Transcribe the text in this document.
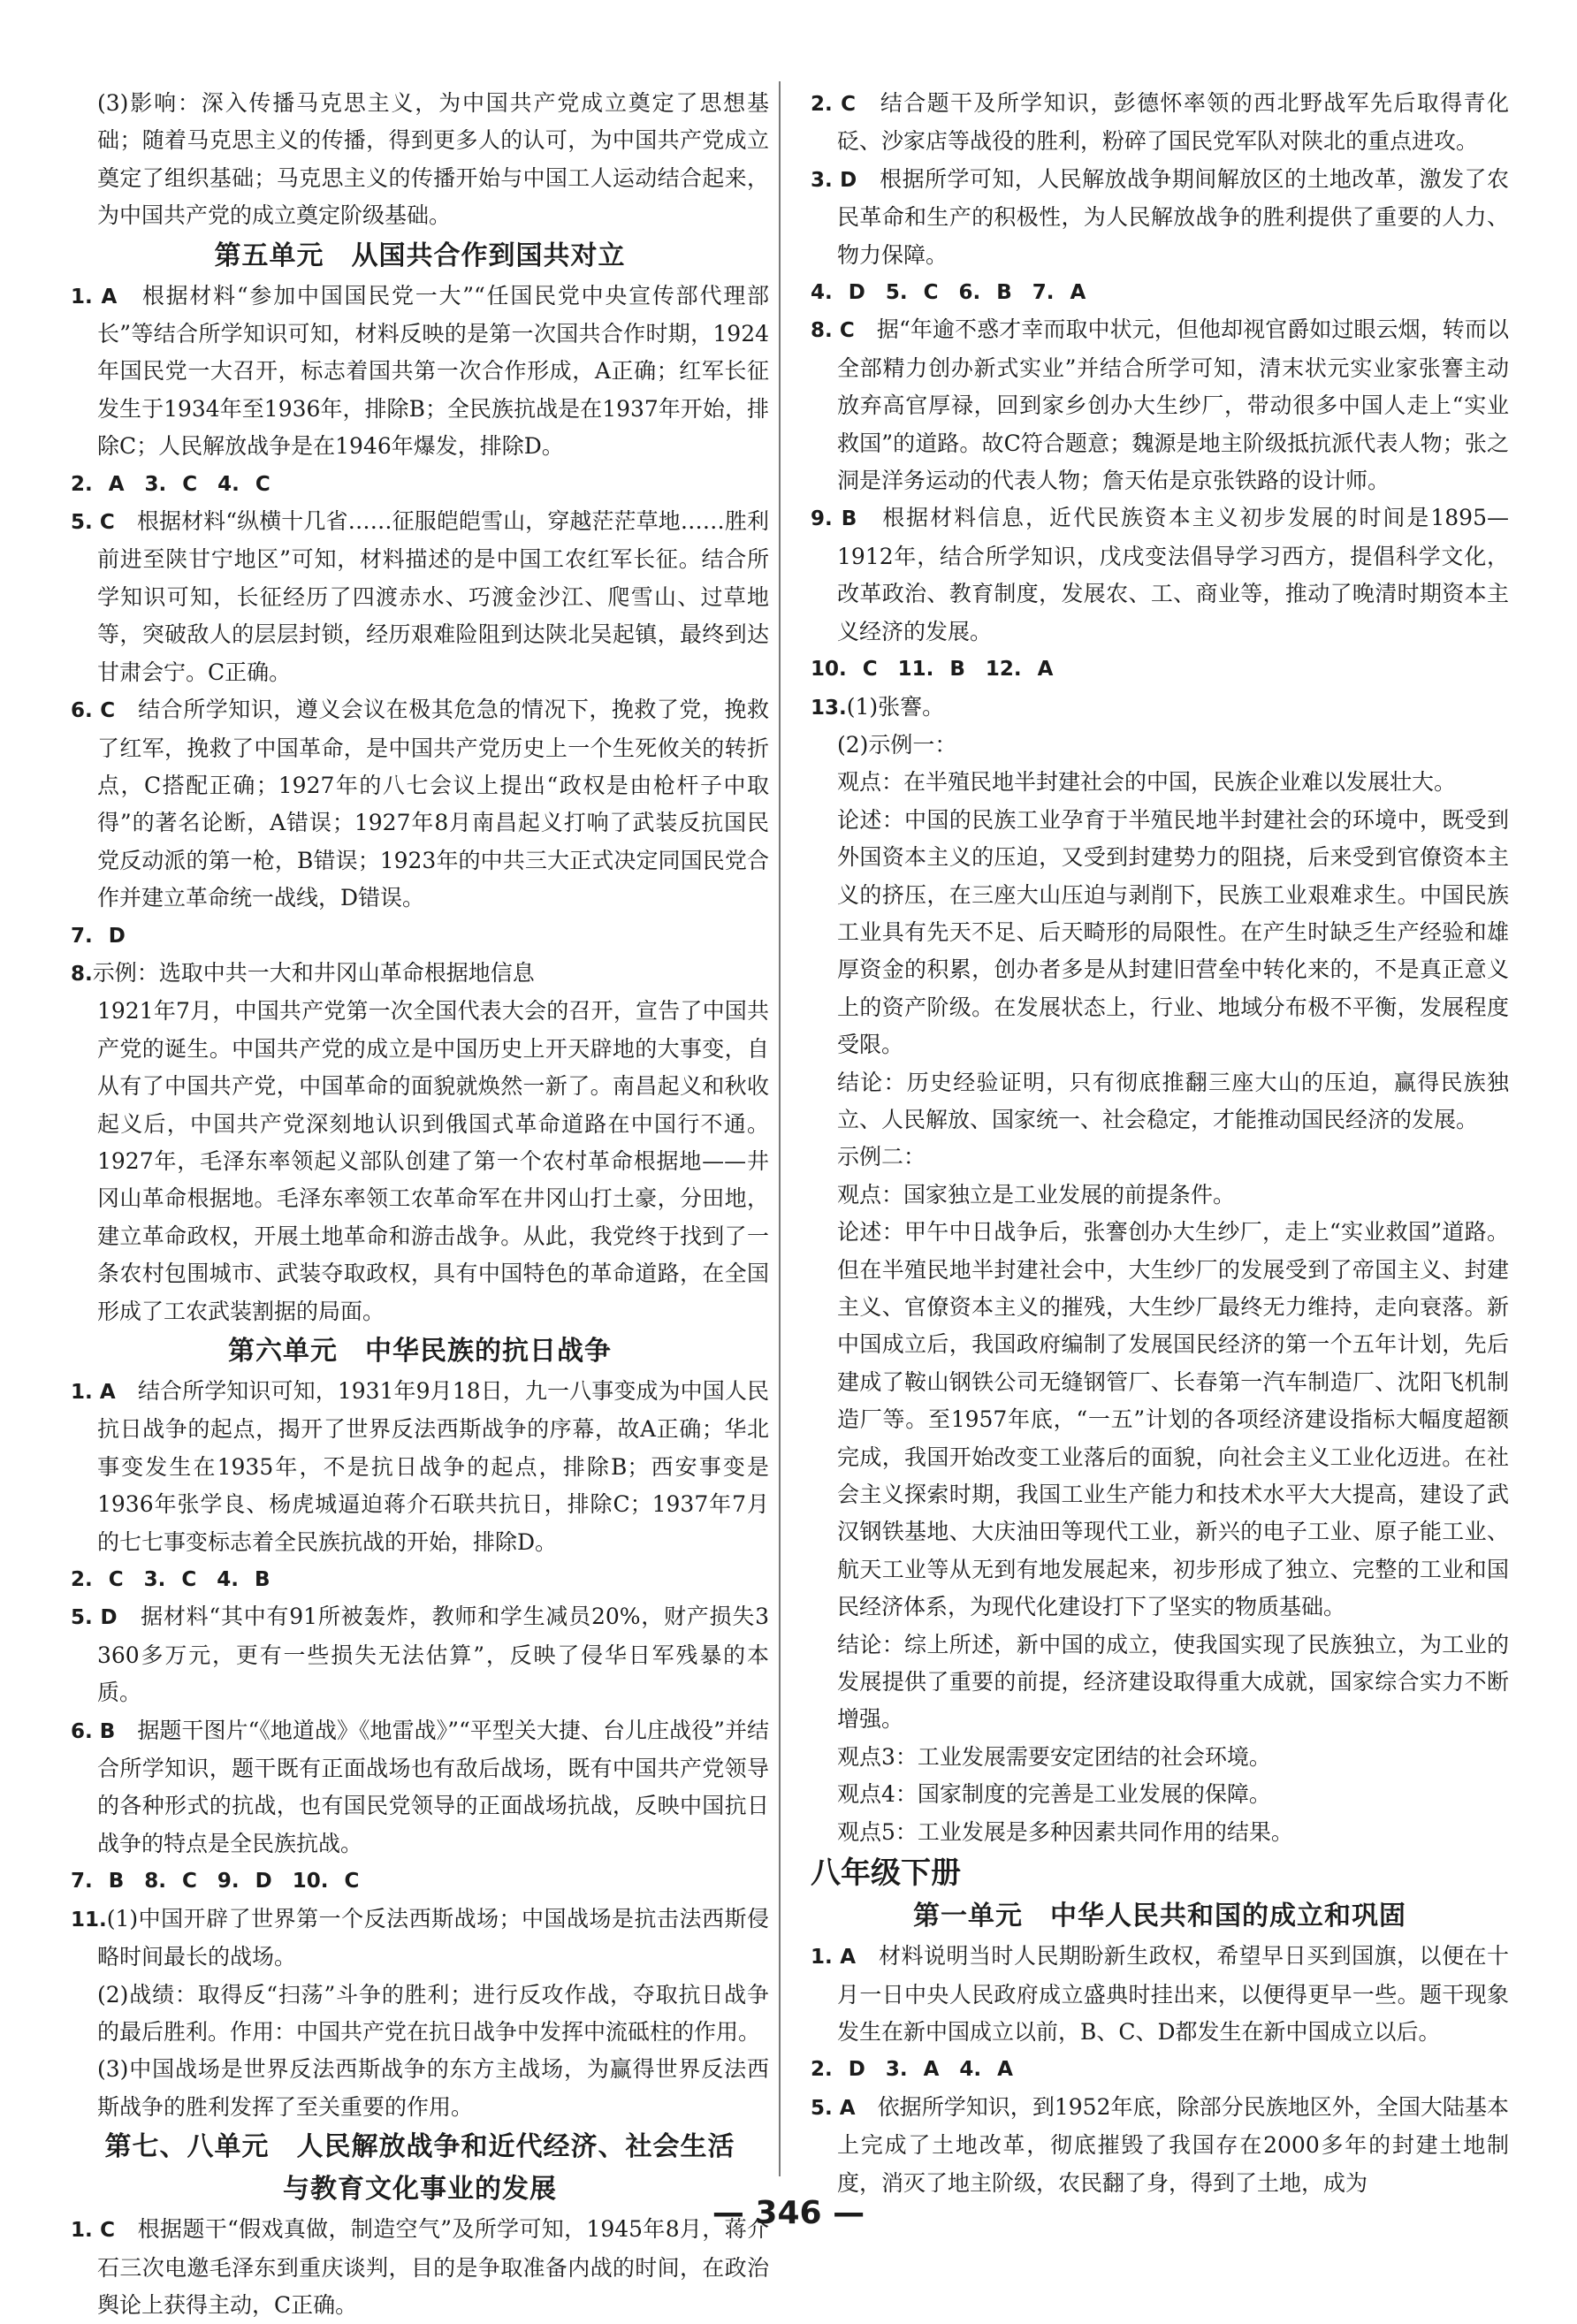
(3)影响：深入传播马克思主义，为中国共产党成立奠定了思想基础；随着马克思主义的传播，得到更多人的认可，为中国共产党成立奠定了组织基础；马克思主义的传播开始与中国工人运动结合起来，为中国共产党的成立奠定阶级基础。

第五单元　从国共合作到国共对立

1. A　 根据材料“参加中国国民党一大”“任国民党中央宣传部代理部长”等结合所学知识可知，材料反映的是第一次国共合作时期，1924年国民党一大召开，标志着国共第一次合作形成，A正确；红军长征发生于1934年至1936年，排除B；全民族抗战是在1937年开始，排除C；人民解放战争是在1946年爆发，排除D。

2. A　3. C　4. C

5. C　 根据材料“纵横十几省……征服皑皑雪山，穿越茫茫草地……胜利前进至陕甘宁地区”可知，材料描述的是中国工农红军长征。结合所学知识可知，长征经历了四渡赤水、巧渡金沙江、爬雪山、过草地等，突破敌人的层层封锁，经历艰难险阻到达陕北吴起镇，最终到达甘肃会宁。C正确。

6. C　 结合所学知识，遵义会议在极其危急的情况下，挽救了党，挽救了红军，挽救了中国革命，是中国共产党历史上一个生死攸关的转折点，C搭配正确；1927年的八七会议上提出“政权是由枪杆子中取得”的著名论断，A错误；1927年8月南昌起义打响了武装反抗国民党反动派的第一枪，B错误；1923年的中共三大正式决定同国民党合作并建立革命统一战线，D错误。

7. D

8.示例：选取中共一大和井冈山革命根据地信息

1921年7月，中国共产党第一次全国代表大会的召开，宣告了中国共产党的诞生。中国共产党的成立是中国历史上开天辟地的大事变，自从有了中国共产党，中国革命的面貌就焕然一新了。南昌起义和秋收起义后，中国共产党深刻地认识到俄国式革命道路在中国行不通。1927年，毛泽东率领起义部队创建了第一个农村革命根据地——井冈山革命根据地。毛泽东率领工农革命军在井冈山打土豪，分田地，建立革命政权，开展土地革命和游击战争。从此，我党终于找到了一条农村包围城市、武装夺取政权，具有中国特色的革命道路，在全国形成了工农武装割据的局面。

第六单元　中华民族的抗日战争

1. A　 结合所学知识可知，1931年9月18日，九一八事变成为中国人民抗日战争的起点，揭开了世界反法西斯战争的序幕，故A正确；华北事变发生在1935年，不是抗日战争的起点，排除B；西安事变是1936年张学良、杨虎城逼迫蒋介石联共抗日，排除C；1937年7月的七七事变标志着全民族抗战的开始，排除D。

2. C　3. C　4. B

5. D　 据材料“其中有91所被轰炸，教师和学生减员20%，财产损失3 360多万元，更有一些损失无法估算”，反映了侵华日军残暴的本质。

6. B　 据题干图片“《地道战》《地雷战》”“平型关大捷、台儿庄战役”并结合所学知识，题干既有正面战场也有敌后战场，既有中国共产党领导的各种形式的抗战，也有国民党领导的正面战场抗战，反映中国抗日战争的特点是全民族抗战。

7. B　8. C　9. D　10. C

11.(1)中国开辟了世界第一个反法西斯战场；中国战场是抗击法西斯侵略时间最长的战场。

(2)战绩：取得反“扫荡”斗争的胜利；进行反攻作战，夺取抗日战争的最后胜利。作用：中国共产党在抗日战争中发挥中流砥柱的作用。

(3)中国战场是世界反法西斯战争的东方主战场，为赢得世界反法西斯战争的胜利发挥了至关重要的作用。

第七、八单元　人民解放战争和近代经济、社会生活
与教育文化事业的发展

1. C　 根据题干“假戏真做，制造空气”及所学可知，1945年8月，蒋介石三次电邀毛泽东到重庆谈判，目的是争取准备内战的时间，在政治舆论上获得主动，C正确。

2. C　 结合题干及所学知识，彭德怀率领的西北野战军先后取得青化砭、沙家店等战役的胜利，粉碎了国民党军队对陕北的重点进攻。

3. D　 根据所学可知，人民解放战争期间解放区的土地改革，激发了农民革命和生产的积极性，为人民解放战争的胜利提供了重要的人力、物力保障。

4. D　5. C　6. B　7. A

8. C　 据“年逾不惑才幸而取中状元，但他却视官爵如过眼云烟，转而以全部精力创办新式实业”并结合所学可知，清末状元实业家张謇主动放弃高官厚禄，回到家乡创办大生纱厂，带动很多中国人走上“实业救国”的道路。故C符合题意；魏源是地主阶级抵抗派代表人物；张之洞是洋务运动的代表人物；詹天佑是京张铁路的设计师。

9. B　 根据材料信息，近代民族资本主义初步发展的时间是1895—1912年，结合所学知识，戊戌变法倡导学习西方，提倡科学文化，改革政治、教育制度，发展农、工、商业等，推动了晚清时期资本主义经济的发展。

10. C　11. B　12. A

13.(1)张謇。

(2)示例一：

观点：在半殖民地半封建社会的中国，民族企业难以发展壮大。

论述：中国的民族工业孕育于半殖民地半封建社会的环境中，既受到外国资本主义的压迫，又受到封建势力的阻挠，后来受到官僚资本主义的挤压，在三座大山压迫与剥削下，民族工业艰难求生。中国民族工业具有先天不足、后天畸形的局限性。在产生时缺乏生产经验和雄厚资金的积累，创办者多是从封建旧营垒中转化来的，不是真正意义上的资产阶级。在发展状态上，行业、地域分布极不平衡，发展程度受限。

结论：历史经验证明，只有彻底推翻三座大山的压迫，赢得民族独立、人民解放、国家统一、社会稳定，才能推动国民经济的发展。

示例二：

观点：国家独立是工业发展的前提条件。

论述：甲午中日战争后，张謇创办大生纱厂，走上“实业救国”道路。但在半殖民地半封建社会中，大生纱厂的发展受到了帝国主义、封建主义、官僚资本主义的摧残，大生纱厂最终无力维持，走向衰落。新中国成立后，我国政府编制了发展国民经济的第一个五年计划，先后建成了鞍山钢铁公司无缝钢管厂、长春第一汽车制造厂、沈阳飞机制造厂等。至1957年底，“一五”计划的各项经济建设指标大幅度超额完成，我国开始改变工业落后的面貌，向社会主义工业化迈进。在社会主义探索时期，我国工业生产能力和技术水平大大提高，建设了武汉钢铁基地、大庆油田等现代工业，新兴的电子工业、原子能工业、航天工业等从无到有地发展起来，初步形成了独立、完整的工业和国民经济体系，为现代化建设打下了坚实的物质基础。

结论：综上所述，新中国的成立，使我国实现了民族独立，为工业的发展提供了重要的前提，经济建设取得重大成就，国家综合实力不断增强。

观点3：工业发展需要安定团结的社会环境。

观点4：国家制度的完善是工业发展的保障。

观点5：工业发展是多种因素共同作用的结果。

八年级下册
第一单元　中华人民共和国的成立和巩固

1. A　 材料说明当时人民期盼新生政权，希望早日买到国旗，以便在十月一日中央人民政府成立盛典时挂出来，以便得更早一些。题干现象发生在新中国成立以前，B、C、D都发生在新中国成立以后。

2. D　3. A　4. A

5. A　 依据所学知识，到1952年底，除部分民族地区外，全国大陆基本上完成了土地改革，彻底摧毁了我国存在2000多年的封建土地制度，消灭了地主阶级，农民翻了身，得到了土地，成为

— 346 —
